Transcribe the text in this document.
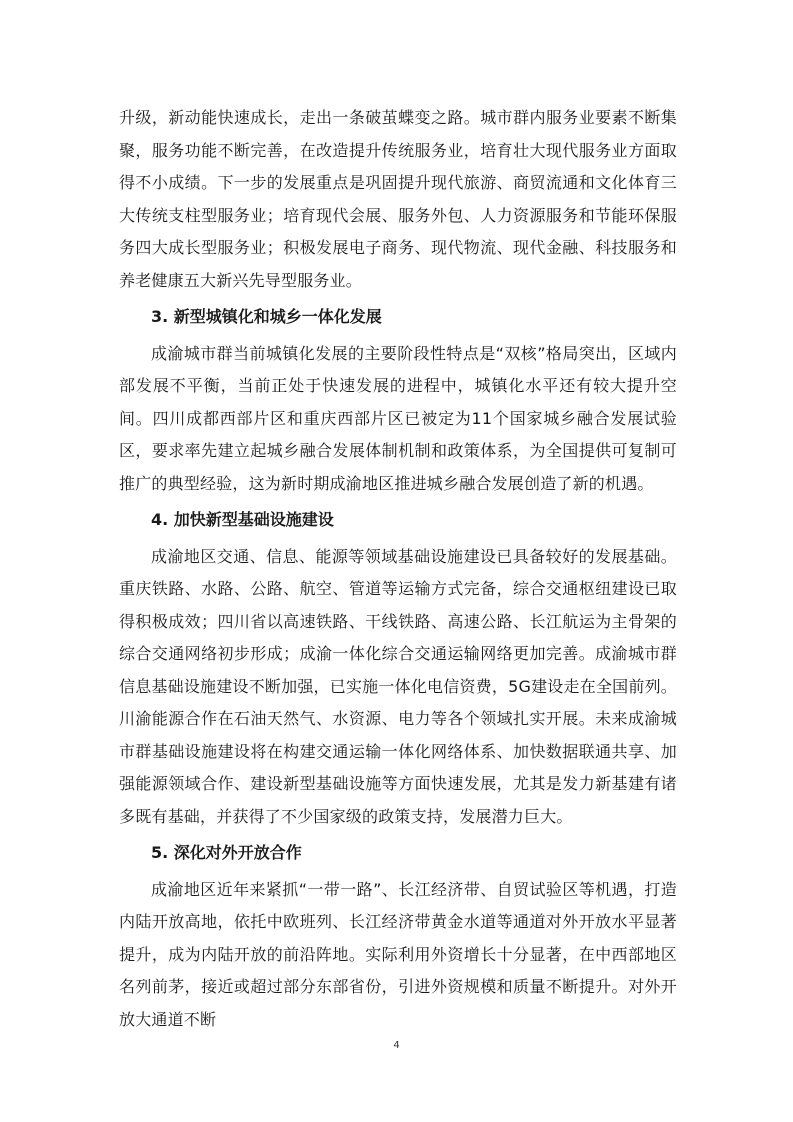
升级，新动能快速成长，走出一条破茧蝶变之路。城市群内服务业要素不断集聚，服务功能不断完善，在改造提升传统服务业，培育壮大现代服务业方面取得不小成绩。下一步的发展重点是巩固提升现代旅游、商贸流通和文化体育三大传统支柱型服务业；培育现代会展、服务外包、人力资源服务和节能环保服务四大成长型服务业；积极发展电子商务、现代物流、现代金融、科技服务和养老健康五大新兴先导型服务业。

3. 新型城镇化和城乡一体化发展

成渝城市群当前城镇化发展的主要阶段性特点是“双核”格局突出，区域内部发展不平衡，当前正处于快速发展的进程中，城镇化水平还有较大提升空间。四川成都西部片区和重庆西部片区已被定为11个国家城乡融合发展试验区，要求率先建立起城乡融合发展体制机制和政策体系，为全国提供可复制可推广的典型经验，这为新时期成渝地区推进城乡融合发展创造了新的机遇。

4. 加快新型基础设施建设

成渝地区交通、信息、能源等领域基础设施建设已具备较好的发展基础。重庆铁路、水路、公路、航空、管道等运输方式完备，综合交通枢纽建设已取得积极成效；四川省以高速铁路、干线铁路、高速公路、长江航运为主骨架的综合交通网络初步形成；成渝一体化综合交通运输网络更加完善。成渝城市群信息基础设施建设不断加强，已实施一体化电信资费，5G建设走在全国前列。川渝能源合作在石油天然气、水资源、电力等各个领域扎实开展。未来成渝城市群基础设施建设将在构建交通运输一体化网络体系、加快数据联通共享、加强能源领域合作、建设新型基础设施等方面快速发展，尤其是发力新基建有诸多既有基础，并获得了不少国家级的政策支持，发展潜力巨大。

5. 深化对外开放合作

成渝地区近年来紧抓“一带一路”、长江经济带、自贸试验区等机遇，打造内陆开放高地，依托中欧班列、长江经济带黄金水道等通道对外开放水平显著提升，成为内陆开放的前沿阵地。实际利用外资增长十分显著，在中西部地区名列前茅，接近或超过部分东部省份，引进外资规模和质量不断提升。对外开放大通道不断

4
